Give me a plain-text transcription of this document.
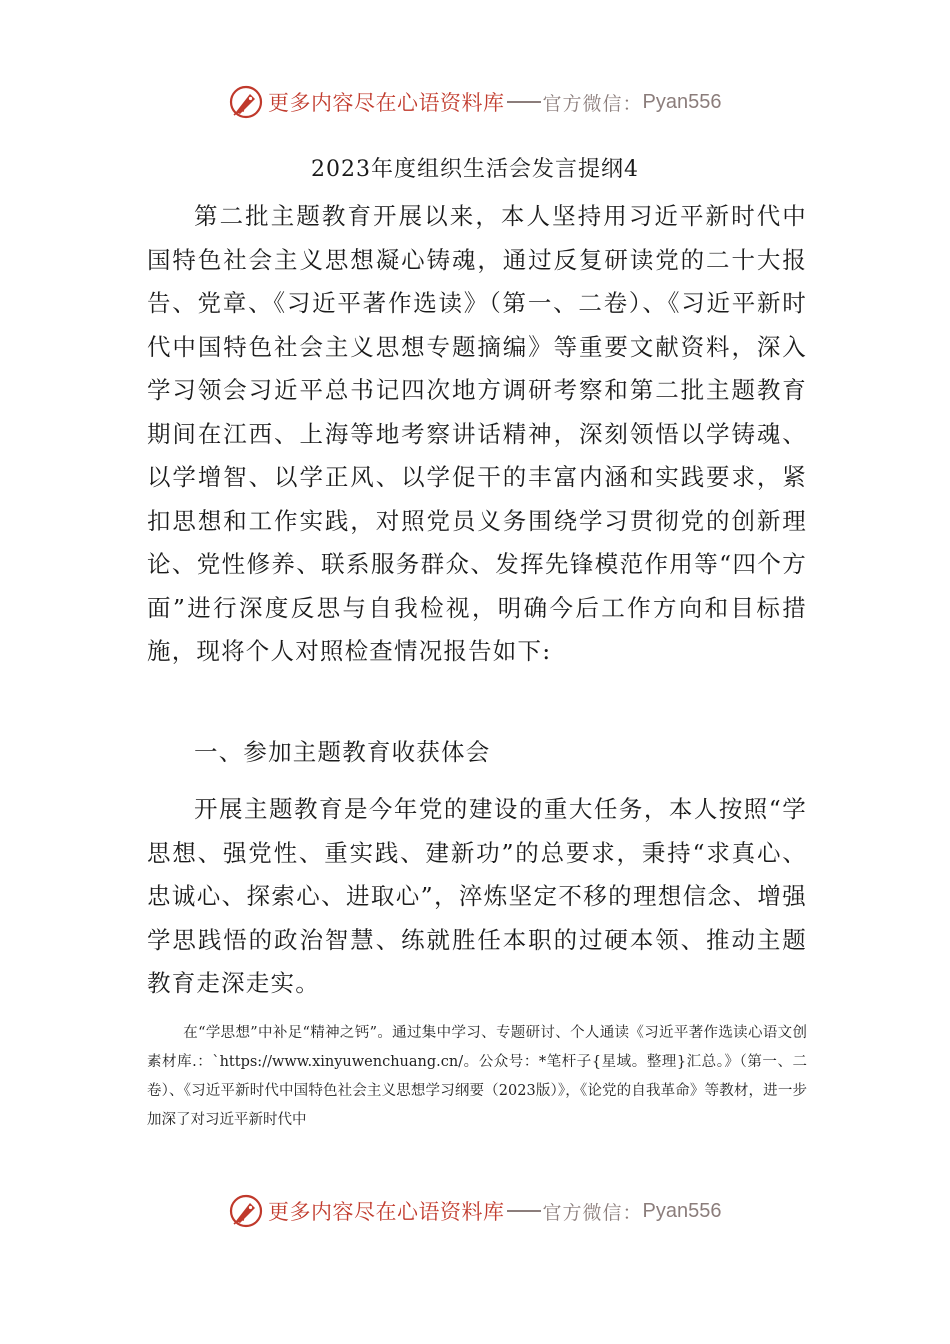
更多内容尽在心语资料库 官方微信： Pyan556
2023年度组织生活会发言提纲4

第二批主题教育开展以来，本人坚持用习近平新时代中国特色社会主义思想凝心铸魂，通过反复研读党的二十大报告、党章、《习近平著作选读》（第一、二卷）、《习近平新时代中国特色社会主义思想专题摘编》等重要文献资料，深入学习领会习近平总书记四次地方调研考察和第二批主题教育期间在江西、上海等地考察讲话精神，深刻领悟以学铸魂、以学增智、以学正风、以学促干的丰富内涵和实践要求，紧扣思想和工作实践，对照党员义务围绕学习贯彻党的创新理论、党性修养、联系服务群众、发挥先锋模范作用等“四个方面”进行深度反思与自我检视，明确今后工作方向和目标措施，现将个人对照检查情况报告如下:

一、参加主题教育收获体会

开展主题教育是今年党的建设的重大任务，本人按照“学思想、强党性、重实践、建新功”的总要求，秉持“求真心、忠诚心、探索心、进取心”，淬炼坚定不移的理想信念、增强学思践悟的政治智慧、练就胜任本职的过硬本领、推动主题教育走深走实。

在“学思想”中补足“精神之钙”。通过集中学习、专题研讨、个人通读《习近平著作选读心语文创素材库.：`https://www.xinyuwenchuang.cn/。公众号：*笔杆子{星域。整理}汇总。》（第一、二卷）、《习近平新时代中国特色社会主义思想学习纲要（2023版）》，《论党的自我革命》等教材，进一步加深了对习近平新时代中

更多内容尽在心语资料库 官方微信： Pyan556
